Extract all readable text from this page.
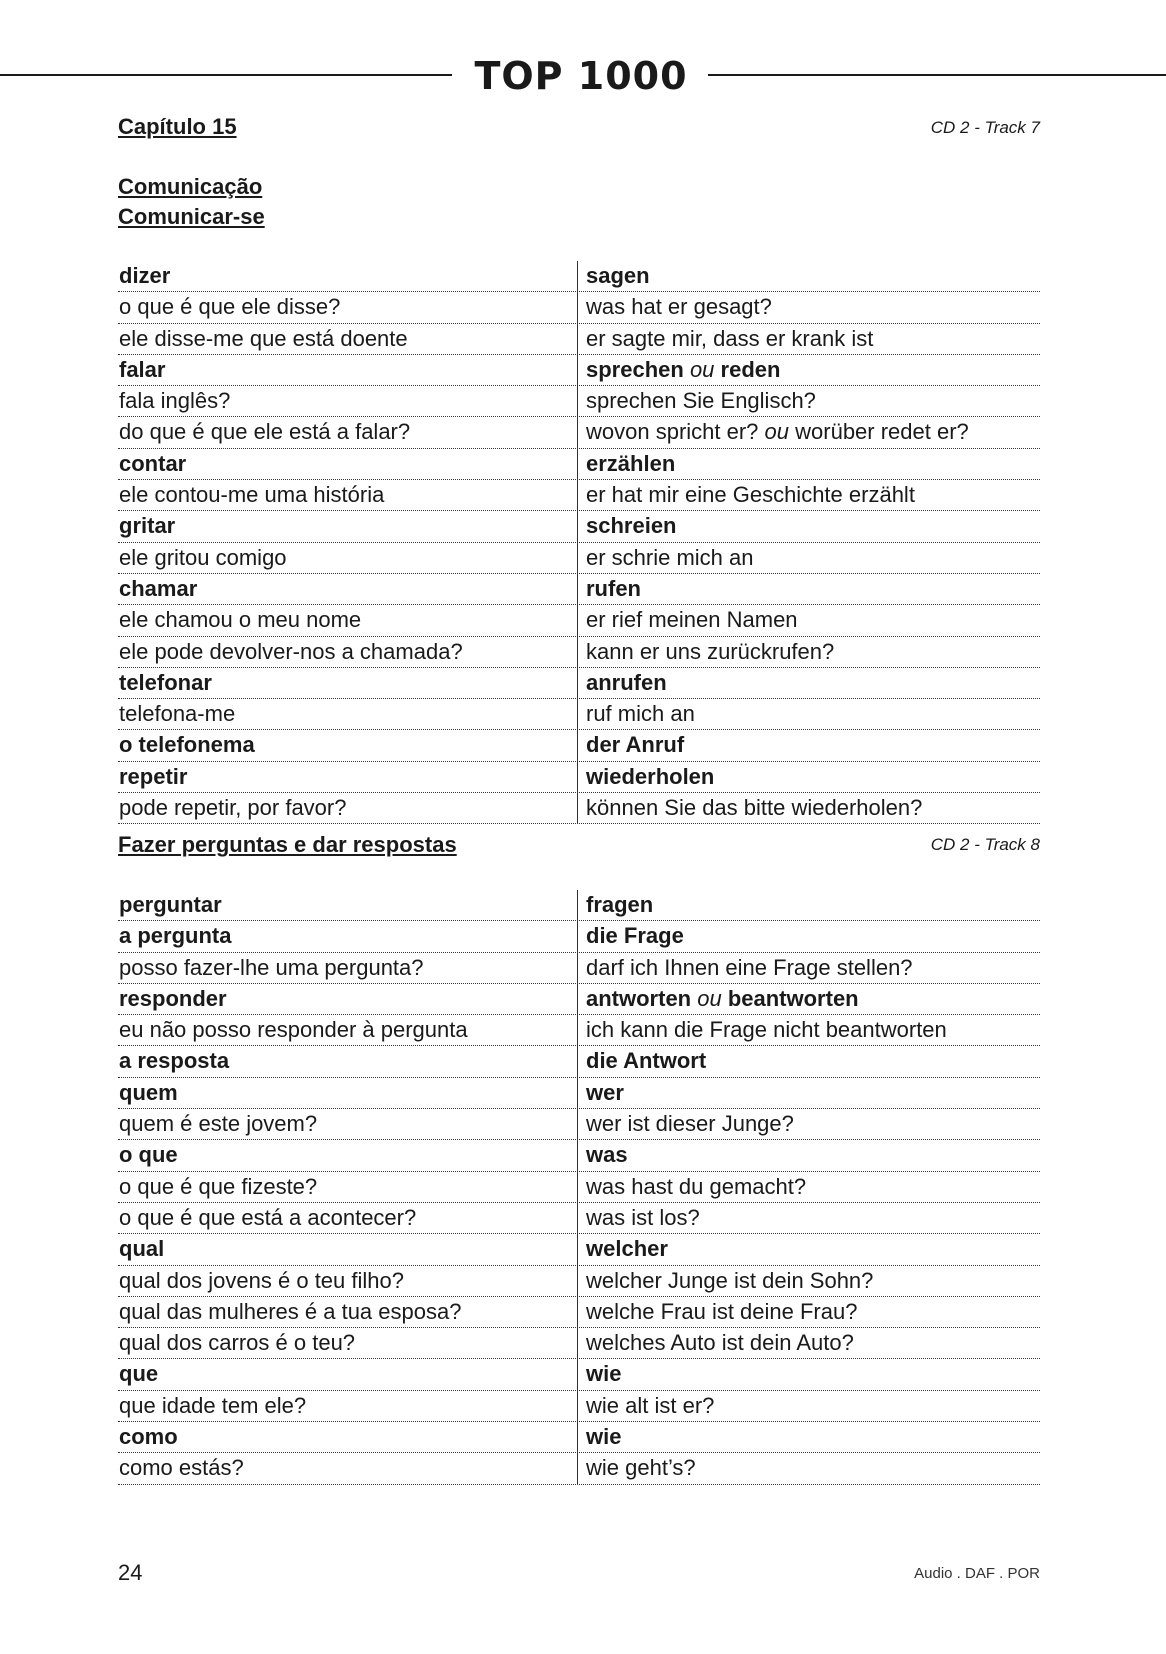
TOP 1000
Capítulo 15	CD 2 - Track 7
Comunicação
Comunicar-se
dizer	sagen
o que é que ele disse?	was hat er gesagt?
ele disse-me que está doente	er sagte mir, dass er krank ist
falar	sprechen ou reden
fala inglês?	sprechen Sie Englisch?
do que é que ele está a falar?	wovon spricht er? ou worüber redet er?
contar	erzählen
ele contou-me uma história	er hat mir eine Geschichte erzählt
gritar	schreien
ele gritou comigo	er schrie mich an
chamar	rufen
ele chamou o meu nome	er rief meinen Namen
ele pode devolver-nos a chamada?	kann er uns zurückrufen?
telefonar	anrufen
telefona-me	ruf mich an
o telefonema	der Anruf
repetir	wiederholen
pode repetir, por favor?	können Sie das bitte wiederholen?
Fazer perguntas e dar respostas	CD 2 - Track 8
perguntar	fragen
a pergunta	die Frage
posso fazer-lhe uma pergunta?	darf ich Ihnen eine Frage stellen?
responder	antworten ou beantworten
eu não posso responder à pergunta	ich kann die Frage nicht beantworten
a resposta	die Antwort
quem	wer
quem é este jovem?	wer ist dieser Junge?
o que	was
o que é que fizeste?	was hast du gemacht?
o que é que está a acontecer?	was ist los?
qual	welcher
qual dos jovens é o teu filho?	welcher Junge ist dein Sohn?
qual das mulheres é a tua esposa?	welche Frau ist deine Frau?
qual dos carros é o teu?	welches Auto ist dein Auto?
que	wie
que idade tem ele?	wie alt ist er?
como	wie
como estás?	wie geht’s?
24	Audio . DAF . POR
